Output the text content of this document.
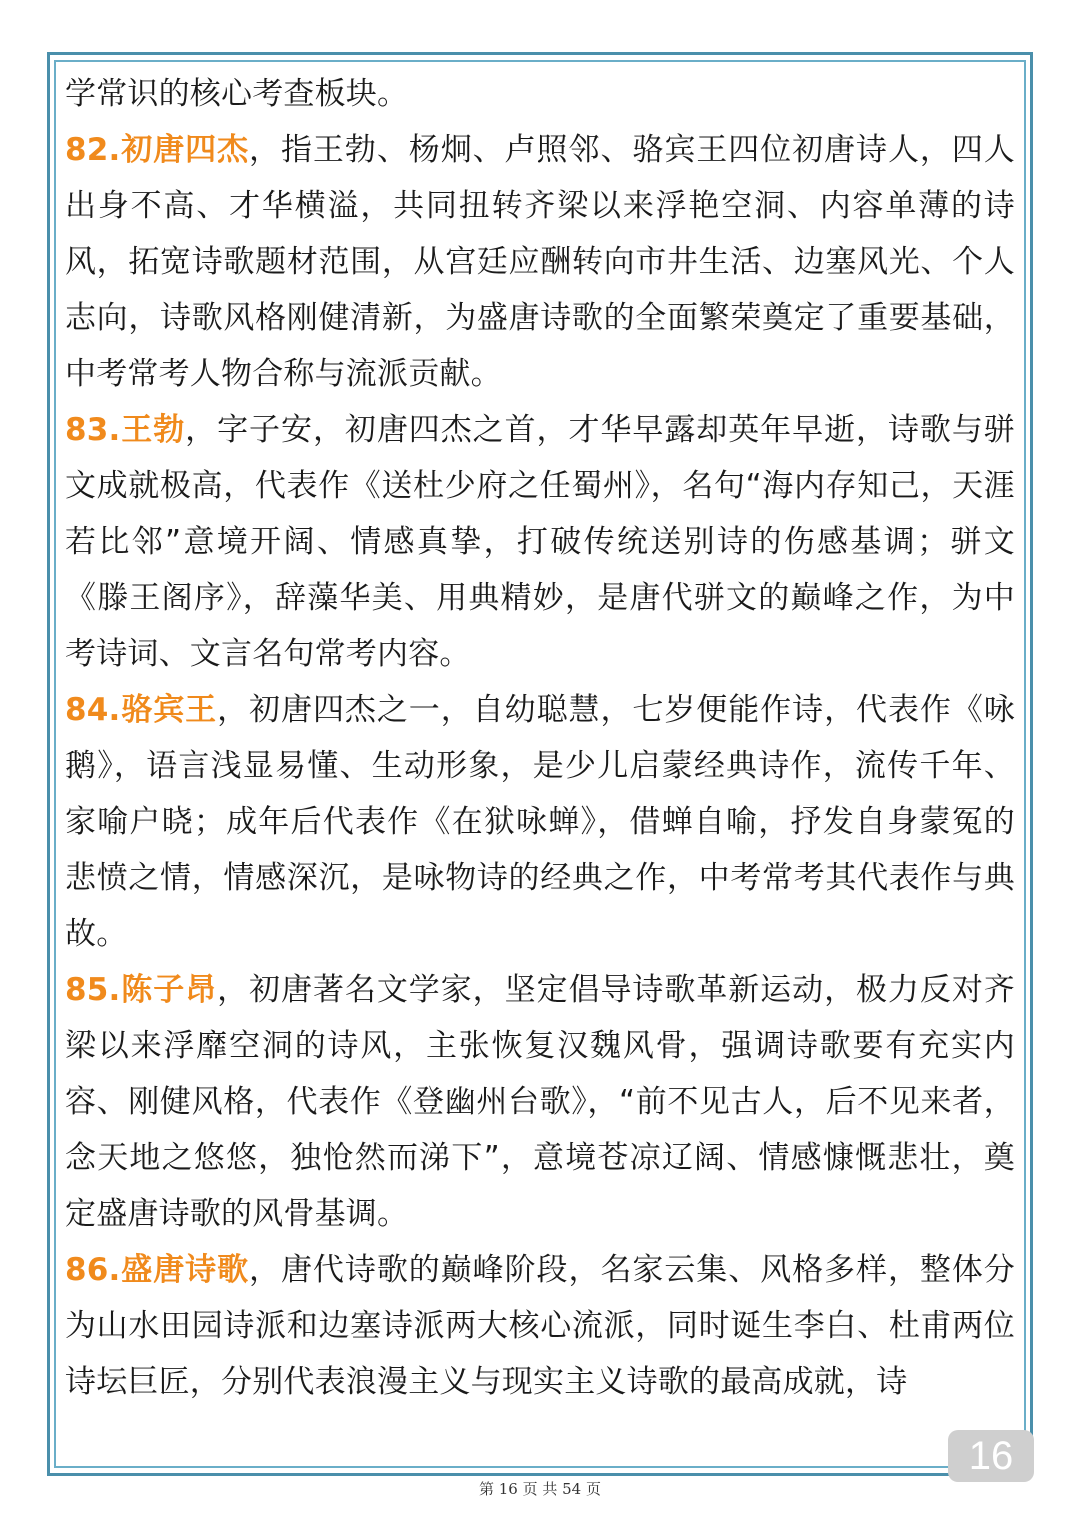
学常识的核心考查板块。

82.初唐四杰，指王勃、杨炯、卢照邻、骆宾王四位初唐诗人，四人出身不高、才华横溢，共同扭转齐梁以来浮艳空洞、内容单薄的诗风，拓宽诗歌题材范围，从宫廷应酬转向市井生活、边塞风光、个人志向，诗歌风格刚健清新，为盛唐诗歌的全面繁荣奠定了重要基础，中考常考人物合称与流派贡献。

83.王勃，字子安，初唐四杰之首，才华早露却英年早逝，诗歌与骈文成就极高，代表作《送杜少府之任蜀州》，名句“海内存知己，天涯若比邻”意境开阔、情感真挚，打破传统送别诗的伤感基调；骈文《滕王阁序》，辞藻华美、用典精妙，是唐代骈文的巅峰之作，为中考诗词、文言名句常考内容。

84.骆宾王，初唐四杰之一，自幼聪慧，七岁便能作诗，代表作《咏鹅》，语言浅显易懂、生动形象，是少儿启蒙经典诗作，流传千年、家喻户晓；成年后代表作《在狱咏蝉》，借蝉自喻，抒发自身蒙冤的悲愤之情，情感深沉，是咏物诗的经典之作，中考常考其代表作与典故。

85.陈子昂，初唐著名文学家，坚定倡导诗歌革新运动，极力反对齐梁以来浮靡空洞的诗风，主张恢复汉魏风骨，强调诗歌要有充实内容、刚健风格，代表作《登幽州台歌》，“前不见古人，后不见来者，念天地之悠悠，独怆然而涕下”，意境苍凉辽阔、情感慷慨悲壮，奠定盛唐诗歌的风骨基调。

86.盛唐诗歌，唐代诗歌的巅峰阶段，名家云集、风格多样，整体分为山水田园诗派和边塞诗派两大核心流派，同时诞生李白、杜甫两位诗坛巨匠，分别代表浪漫主义与现实主义诗歌的最高成就，诗

16
第 16 页 共 54 页
